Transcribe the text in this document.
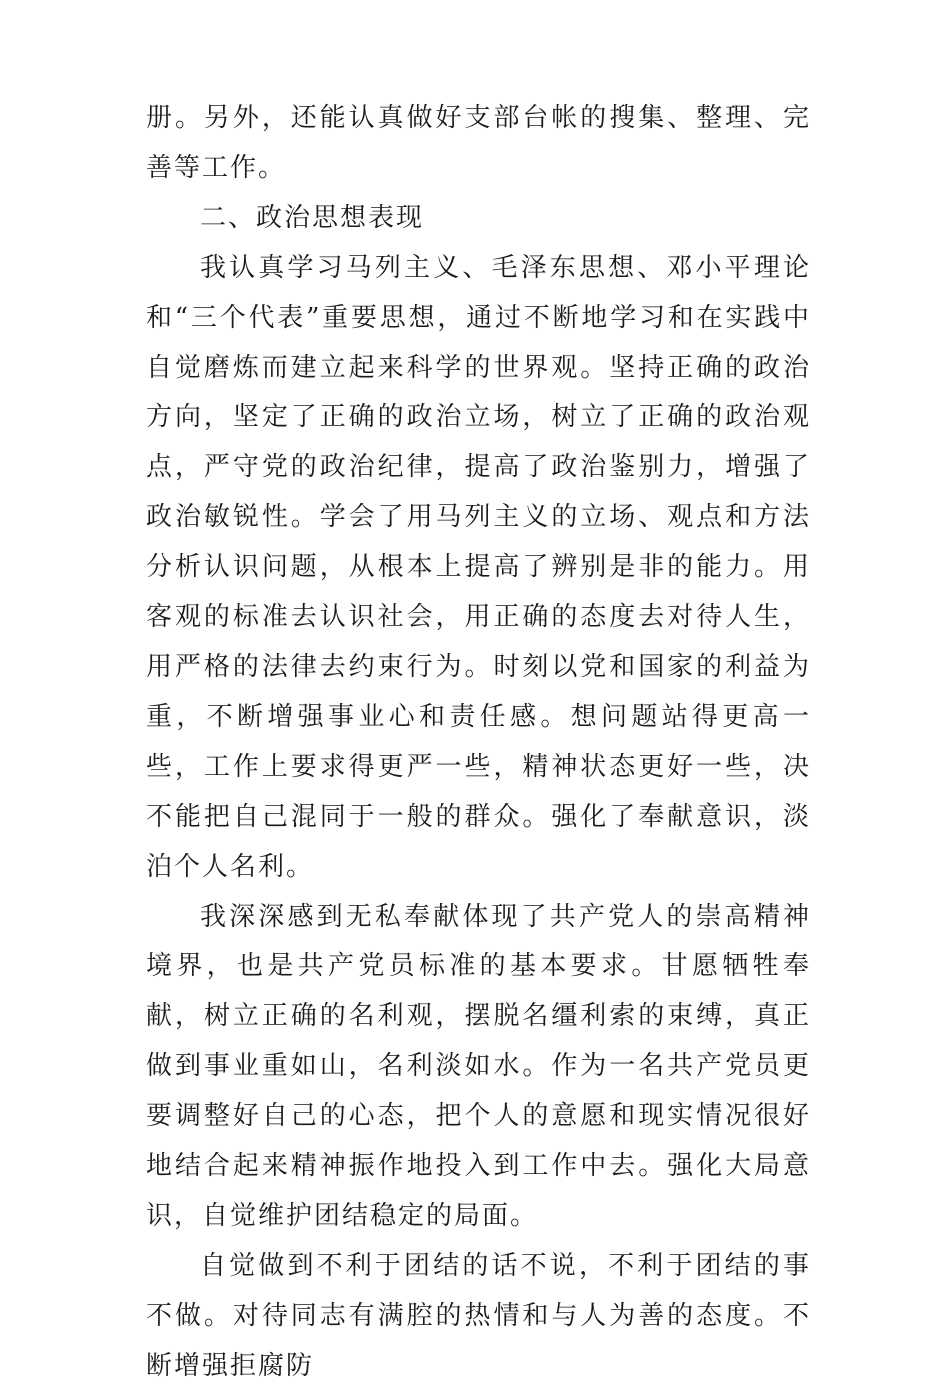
册。另外，还能认真做好支部台帐的搜集、整理、完善等工作。

二、政治思想表现

我认真学习马列主义、毛泽东思想、邓小平理论和“三个代表”重要思想，通过不断地学习和在实践中自觉磨炼而建立起来科学的世界观。坚持正确的政治方向，坚定了正确的政治立场，树立了正确的政治观点，严守党的政治纪律，提高了政治鉴别力，增强了政治敏锐性。学会了用马列主义的立场、观点和方法分析认识问题，从根本上提高了辨别是非的能力。用客观的标准去认识社会，用正确的态度去对待人生，用严格的法律去约束行为。时刻以党和国家的利益为重，不断增强事业心和责任感。想问题站得更高一些，工作上要求得更严一些，精神状态更好一些，决不能把自己混同于一般的群众。强化了奉献意识，淡泊个人名利。

我深深感到无私奉献体现了共产党人的崇高精神境界，也是共产党员标准的基本要求。甘愿牺牲奉献，树立正确的名利观，摆脱名缰利索的束缚，真正做到事业重如山，名利淡如水。作为一名共产党员更要调整好自己的心态，把个人的意愿和现实情况很好地结合起来精神振作地投入到工作中去。强化大局意识，自觉维护团结稳定的局面。

自觉做到不利于团结的话不说，不利于团结的事不做。对待同志有满腔的热情和与人为善的态度。不断增强拒腐防
